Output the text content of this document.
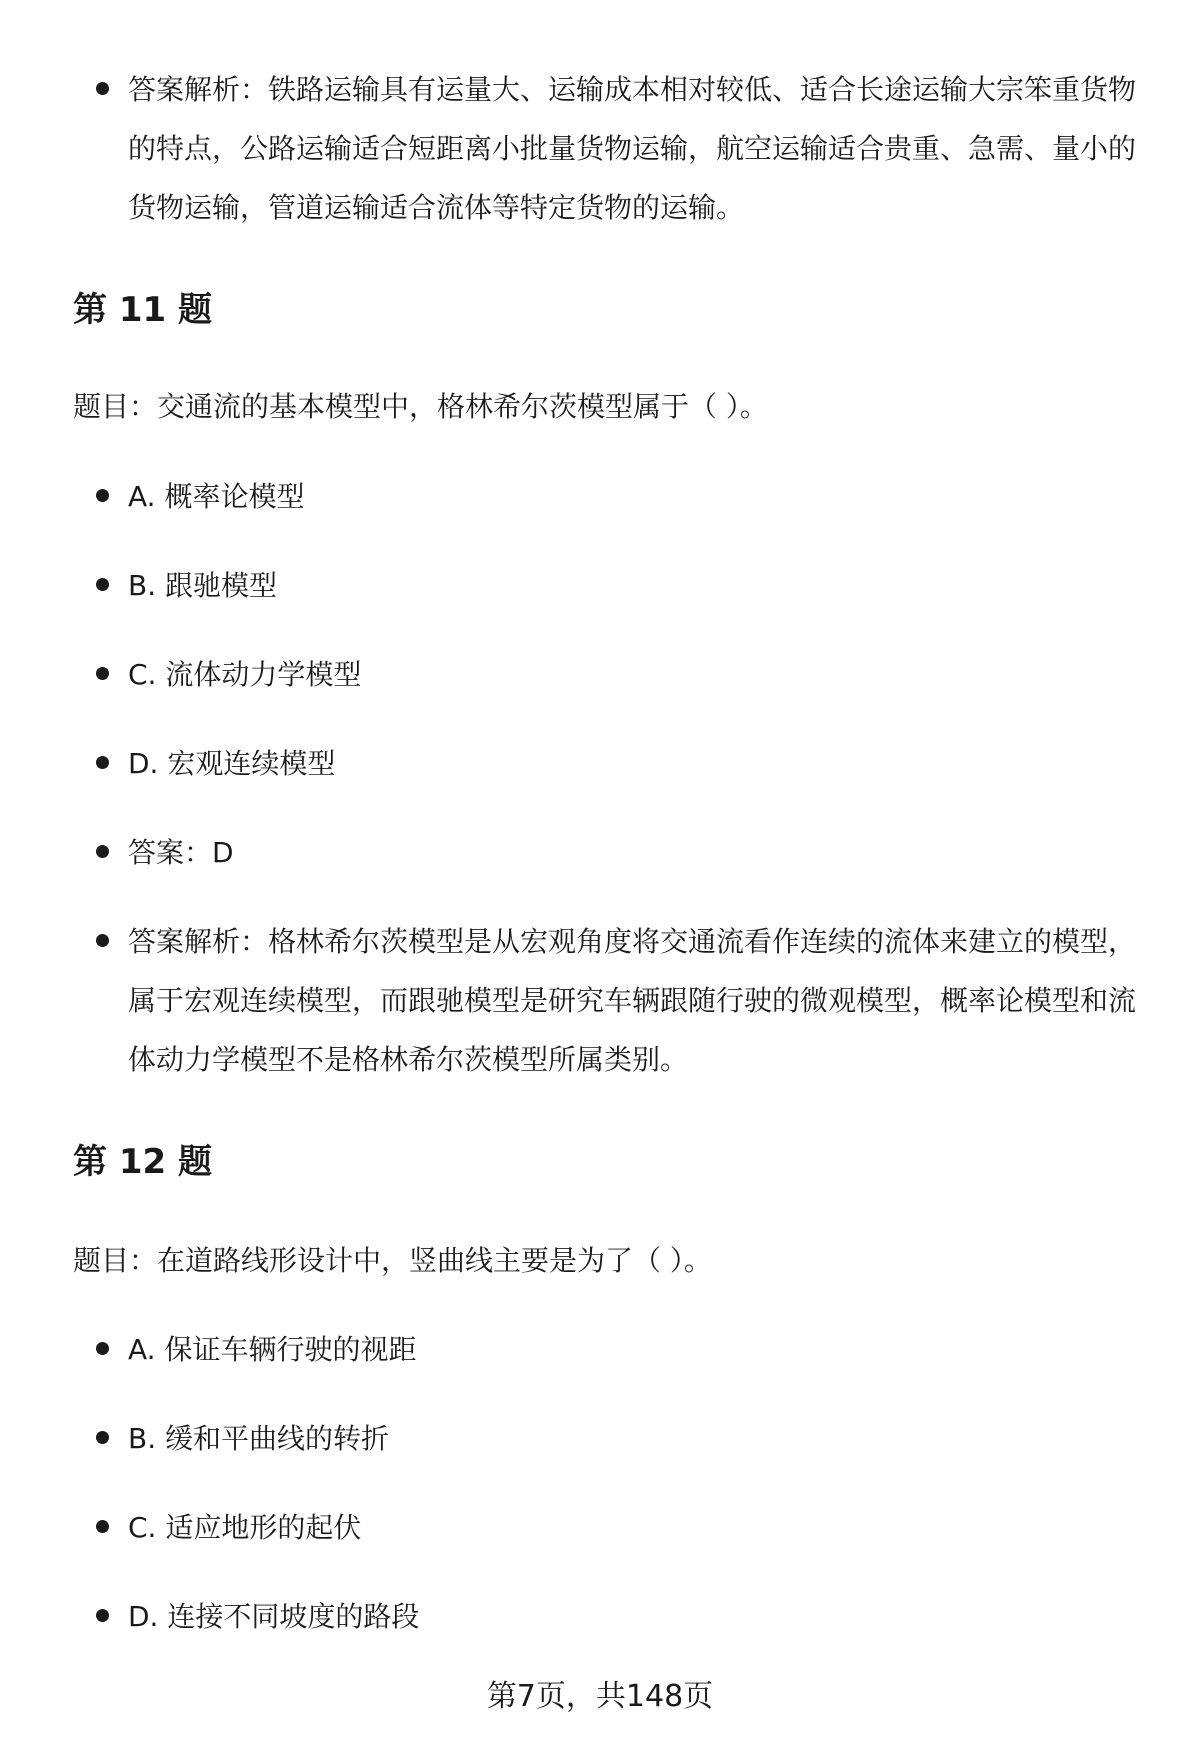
答案解析：铁路运输具有运量大、运输成本相对较低、适合长途运输大宗笨重货物的特点，公路运输适合短距离小批量货物运输，航空运输适合贵重、急需、量小的货物运输，管道运输适合流体等特定货物的运输。
第 11 题
题目：交通流的基本模型中，格林希尔茨模型属于（ ）。
A. 概率论模型
B. 跟驰模型
C. 流体动力学模型
D. 宏观连续模型
答案：D
答案解析：格林希尔茨模型是从宏观角度将交通流看作连续的流体来建立的模型，属于宏观连续模型，而跟驰模型是研究车辆跟随行驶的微观模型，概率论模型和流体动力学模型不是格林希尔茨模型所属类别。
第 12 题
题目：在道路线形设计中，竖曲线主要是为了（ ）。
A. 保证车辆行驶的视距
B. 缓和平曲线的转折
C. 适应地形的起伏
D. 连接不同坡度的路段
第7页，共148页
